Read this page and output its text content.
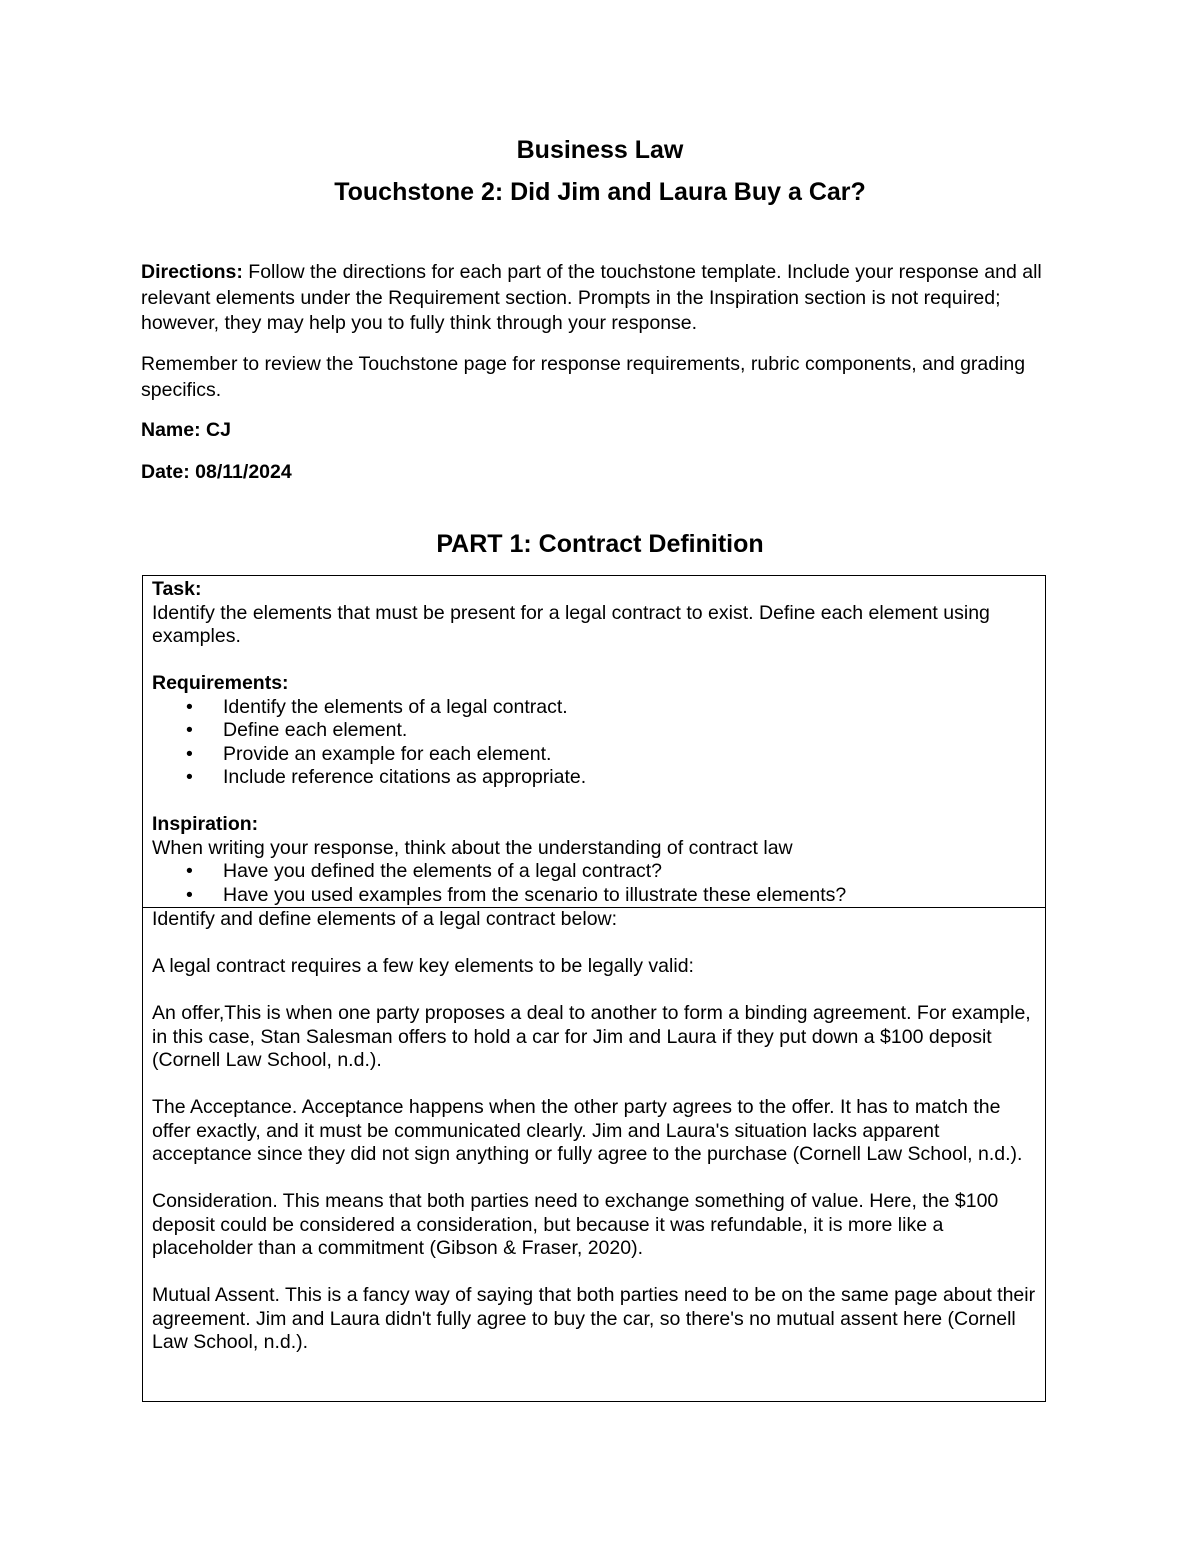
Business Law
Touchstone 2: Did Jim and Laura Buy a Car?

Directions: Follow the directions for each part of the touchstone template. Include your response and all relevant elements under the Requirement section. Prompts in the Inspiration section is not required; however, they may help you to fully think through your response.

Remember to review the Touchstone page for response requirements, rubric components, and grading specifics.

Name: CJ

Date: 08/11/2024

PART 1: Contract Definition

Task:

Identify the elements that must be present for a legal contract to exist. Define each element using examples.

Requirements:

• Identify the elements of a legal contract.
• Define each element.
• Provide an example for each element.
• Include reference citations as appropriate.

Inspiration:

When writing your response, think about the understanding of contract law

• Have you defined the elements of a legal contract?
• Have you used examples from the scenario to illustrate these elements?

Identify and define elements of a legal contract below:

A legal contract requires a few key elements to be legally valid:

An offer,This is when one party proposes a deal to another to form a binding agreement. For example, in this case, Stan Salesman offers to hold a car for Jim and Laura if they put down a $100 deposit (Cornell Law School, n.d.).

The Acceptance. Acceptance happens when the other party agrees to the offer. It has to match the offer exactly, and it must be communicated clearly. Jim and Laura's situation lacks apparent acceptance since they did not sign anything or fully agree to the purchase (Cornell Law School, n.d.).

Consideration. This means that both parties need to exchange something of value. Here, the $100 deposit could be considered a consideration, but because it was refundable, it is more like a placeholder than a commitment (Gibson & Fraser, 2020).

Mutual Assent. This is a fancy way of saying that both parties need to be on the same page about their agreement. Jim and Laura didn't fully agree to buy the car, so there's no mutual assent here (Cornell Law School, n.d.).
